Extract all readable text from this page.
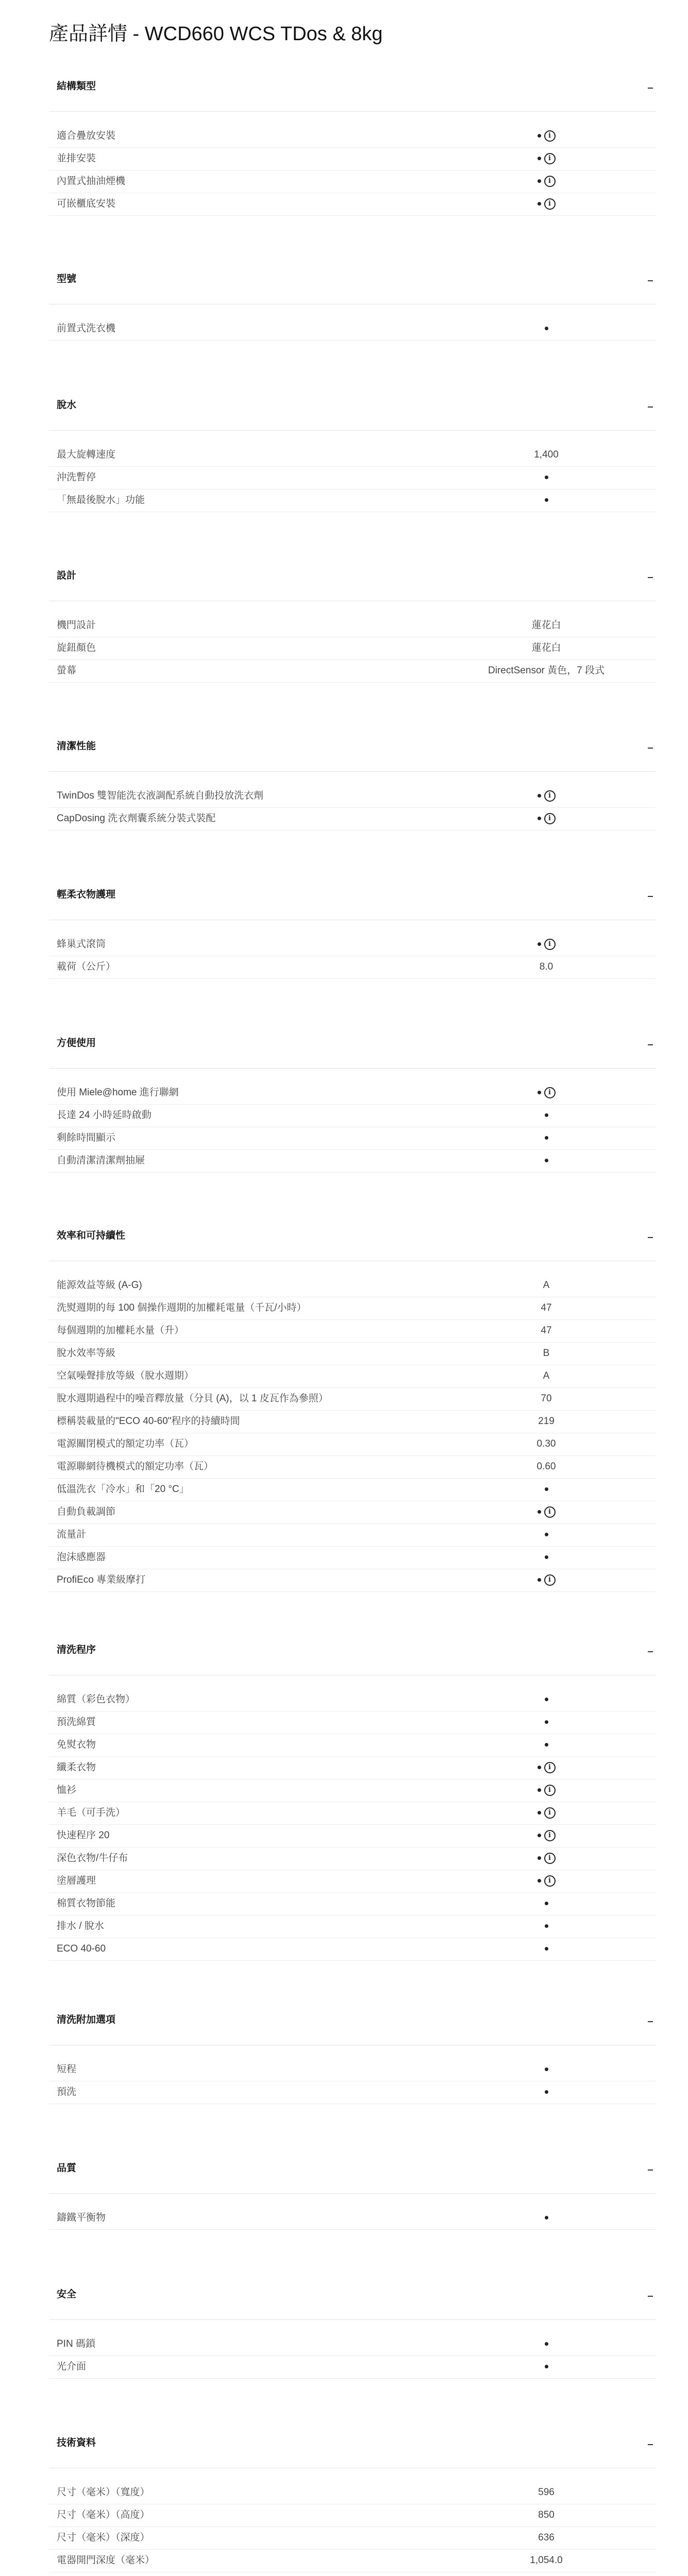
產品詳情 - WCD660 WCS TDos & 8kg
結構類型
適合疊放安裝	i
並排安裝	i
內置式抽油煙機	i
可嵌櫃底安裝	i
型號
前置式洗衣機
脫水
最大旋轉速度	1,400
沖洗暫停
「無最後脫水」功能
設計
機門設計	蓮花白
旋鈕顏色	蓮花白
螢幕	DirectSensor 黃色，7 段式
清潔性能
TwinDos 雙智能洗衣液調配系統自動投放洗衣劑	i
CapDosing 洗衣劑囊系統分裝式裝配	i
輕柔衣物護理
蜂巢式滾筒	i
載荷（公斤）	8.0
方便使用
使用 Miele@home 進行聯網	i
長達 24 小時延時啟動
剩餘時間顯示
自動清潔清潔劑抽屜
效率和可持續性
能源效益等級 (A-G)	A
洗熨週期的每 100 個操作週期的加權耗電量（千瓦/小時）	47
每個週期的加權耗水量（升）	47
脫水效率等級	B
空氣噪聲排放等級（脫水週期）	A
脫水週期過程中的噪音釋放量（分貝 (A)，以 1 皮瓦作為參照）	70
標稱裝載量的"ECO 40-60"程序的持續時間	219
電源關閉模式的額定功率（瓦）	0.30
電源聯網待機模式的額定功率（瓦）	0.60
低溫洗衣「冷水」和「20 °C」
自動負載調節	i
流量計
泡沫感應器
ProfiEco 專業級摩打	i
清洗程序
綿質（彩色衣物）
預洗綿質
免熨衣物
纖柔衣物	i
恤衫	i
羊毛（可手洗）	i
快速程序 20	i
深色衣物/牛仔布	i
塗層護理	i
棉質衣物節能
排水 / 脫水
ECO 40-60
清洗附加選項
短程
預洗
品質
鑄鐵平衡物
安全
PIN 碼鎖
光介面
技術資料
尺寸（毫米）（寬度）	596
尺寸（毫米）（高度）	850
尺寸（毫米）（深度）	636
電器開門深度（毫米）	1,054.0
